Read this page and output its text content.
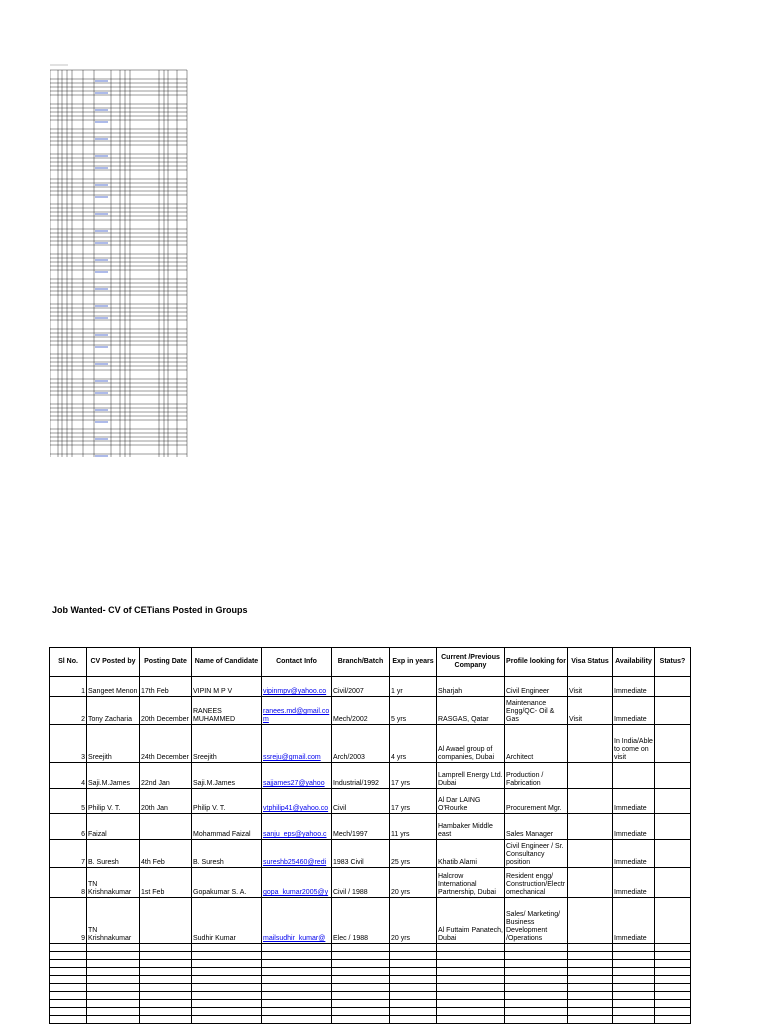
Job Wanted- CV of CETians Posted in Groups
Sl No.	CV Posted by	Posting Date	Name of Candidate	Contact Info	Branch/Batch	Exp in years	Current /Previous Company	Profile looking for	Visa Status	Availability	Status?
1	Sangeet Menon	17th Feb	VIPIN M P V	vipinmpv@yahoo.co	Civil/2007	1 yr	Sharjah	Civil Engineer	Visit	Immediate	
2	Tony Zacharia	20th December	RANEES MUHAMMED	ranees.md@gmail.com	Mech/2002	5 yrs	RASGAS, Qatar	Maintenance Engg/QC- Oil & Gas	Visit	Immediate	
3	Sreejith	24th December	Sreejith	ssreju@gmail.com	Arch/2003	4 yrs	Al Awael group of companies, Dubai	Architect		In India/Able to come on visit	
4	Saji.M.James	22nd Jan	Saji.M.James	sajjames27@yahoo	Industrial/1992	17 yrs	Lamprell Energy Ltd. Dubai	Production / Fabrication			
5	Philip V. T.	20th Jan	Philip V. T.	vtphilip41@yahoo.co	Civil	17 yrs	Al Dar LAING O'Rourke	Procurement Mgr.		Immediate	
6	Faizal		Mohammad Faizal	sanju_eps@yahoo.c	Mech/1997	11 yrs	Hambaker Middle east	Sales Manager		Immediate	
7	B. Suresh	4th Feb	B. Suresh	sureshb25460@redi	1983 Civil	25 yrs	Khatib Alami	Civil Engineer / Sr. Consultancy position		Immediate	
8	TN Krishnakumar	1st Feb	Gopakumar S. A.	gopa_kumar2005@y	Civil / 1988	20 yrs	Halcrow International Partnership, Dubai	Resident engg/ Construction/Electromechanical		Immediate	
9	TN Krishnakumar		Sudhir Kumar	mailsudhir_kumar@	Elec / 1988	20 yrs	Al Futtaim Panatech, Dubai	Sales/ Marketing/ Business Development /Operations		Immediate	
